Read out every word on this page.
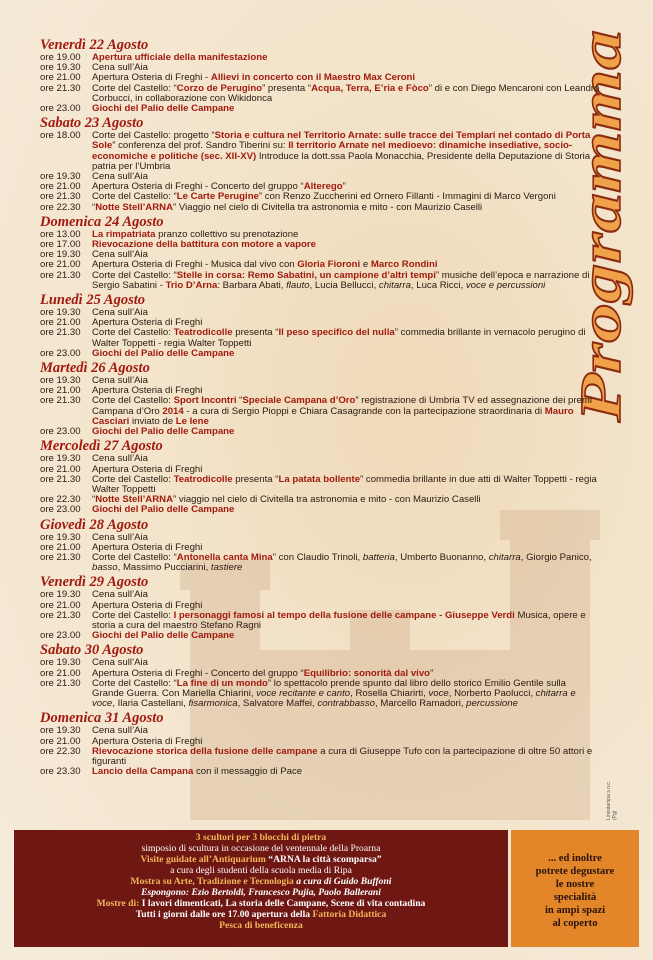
Programma
Venerdì 22 Agosto
ore 19.00	Apertura ufficiale della manifestazione
ore 19.30	Cena sull’Aia
ore 21.00	Apertura Osteria di Freghi - Allievi in concerto con il Maestro Max Ceroni
ore 21.30	Corte del Castello: “Corzo de Perugino” presenta “Acqua, Terra, E’ria e Fòco” di e con Diego Mencaroni con Leandro Corbucci, in collaborazione con Wikidonca
ore 23.00	Giochi del Palio delle Campane
Sabato 23 Agosto
ore 18.00	Corte del Castello: progetto “Storia e cultura nel Territorio Arnate: sulle tracce dei Templari nel contado di Porta Sole” conferenza del prof. Sandro Tiberini su: Il territorio Arnate nel medioevo: dinamiche insediative, socio-economiche e politiche (sec. XII-XV) Introduce la dott.ssa Paola Monacchia, Presidente della Deputazione di Storia patria per l’Umbria
ore 19.30	Cena sull’Aia
ore 21.00	Apertura Osteria di Freghi - Concerto del gruppo “Alterego”
ore 21.30	Corte del Castello: “Le Carte Perugine” con Renzo Zuccherini ed Ornero Fillanti - Immagini di Marco Vergoni
ore 22.30	“Notte Stell’ARNA” Viaggio nel cielo di Civitella tra astronomia e mito - con Maurizio Caselli
Domenica 24 Agosto
ore 13.00	La rimpatriata pranzo collettivo su prenotazione
ore 17.00	Rievocazione della battitura con motore a vapore
ore 19.30	Cena sull’Aia
ore 21.00	Apertura Osteria di Freghi - Musica dal vivo con Gloria Fioroni e Marco Rondini
ore 21.30	Corte del Castello: “Stelle in corsa: Remo Sabatini, un campione d’altri tempi” musiche dell’epoca e narrazione di Sergio Sabatini - Trio D’Arna: Barbara Abati, flauto, Lucia Bellucci, chitarra, Luca Ricci, voce e percussioni
Lunedì 25 Agosto
ore 19.30	Cena sull’Aia
ore 21.00	Apertura Osteria di Freghi
ore 21.30	Corte del Castello: Teatrodicolle presenta “Il peso specifico del nulla” commedia brillante in vernacolo perugino di Walter Toppetti - regia Walter Toppetti
ore 23.00	Giochi del Palio delle Campane
Martedì 26 Agosto
ore 19.30	Cena sull’Aia
ore 21.00	Apertura Osteria di Freghi
ore 21.30	Corte del Castello: Sport Incontri “Speciale Campana d’Oro” registrazione di Umbria TV ed assegnazione dei premi Campana d’Oro 2014 - a cura di Sergio Pioppi e Chiara Casagrande con la partecipazione straordinaria di Mauro Casciari inviato de Le Iene
ore 23.00	Giochi del Palio delle Campane
Mercoledì 27 Agosto
ore 19.30	Cena sull’Aia
ore 21.00	Apertura Osteria di Freghi
ore 21.30	Corte del Castello: Teatrodicolle presenta “La patata bollente” commedia brillante in due atti di Walter Toppetti - regia Walter Toppetti
ore 22.30	“Notte Stell’ARNA” viaggio nel cielo di Civitella tra astronomia e mito - con Maurizio Caselli
ore 23.00	Giochi del Palio delle Campane
Giovedì 28 Agosto
ore 19.30	Cena sull’Aia
ore 21.00	Apertura Osteria di Freghi
ore 21.30	Corte del Castello: “Antonella canta Mina” con Claudio Trinoli, batteria, Umberto Buonanno, chitarra, Giorgio Panico, basso, Massimo Pucciarini, tastiere
Venerdì 29 Agosto
ore 19.30	Cena sull’Aia
ore 21.00	Apertura Osteria di Freghi
ore 21.30	Corte del Castello: I personaggi famosi al tempo della fusione delle campane - Giuseppe Verdi Musica, opere e storia a cura del maestro Stefano Ragni
ore 23.00	Giochi del Palio delle Campane
Sabato 30 Agosto
ore 19.30	Cena sull’Aia
ore 21.00	Apertura Osteria di Freghi - Concerto del gruppo “Equilibrio: sonorità dal vivo”
ore 21.30	Corte del Castello: “La fine di un mondo” lo spettacolo prende spunto dal libro dello storico Emilio Gentile sulla Grande Guerra. Con Mariella Chiarini, voce recitante e canto, Rosella Chiarirti, voce, Norberto Paolucci, chitarra e voce, Ilaria Castellani, fisarmonica, Salvatore Maffei, contrabbasso, Marcello Ramadori, percussione
Domenica 31 Agosto
ore 19.30	Cena sull’Aia
ore 21.00	Apertura Osteria di Freghi
ore 22.30	Rievocazione storica della fusione delle campane a cura di Giuseppe Tufo con la partecipazione di oltre 50 attori e figuranti
ore 23.30	Lancio della Campana con il messaggio di Pace
Linostampa s.n.c. (Pg)
3 scultori per 3 blocchi di pietra
simposio di scultura in occasione del ventennale della Proarna
Visite guidate all’Antiquarium “ARNA la città scomparsa”
a cura degli studenti della scuola media di Ripa
Mostra su Arte, Tradizione e Tecnologia a cura di Guido Buffoni
Espongono: Ezio Bertoldi, Francesco Pujia, Paolo Ballerani
Mostre di: I lavori dimenticati, La storia delle Campane, Scene di vita contadina
Tutti i giorni dalle ore 17.00 apertura della Fattoria Didattica
Pesca di beneficenza
... ed inoltre
potrete degustare
le nostre
specialità
in ampi spazi
al coperto
